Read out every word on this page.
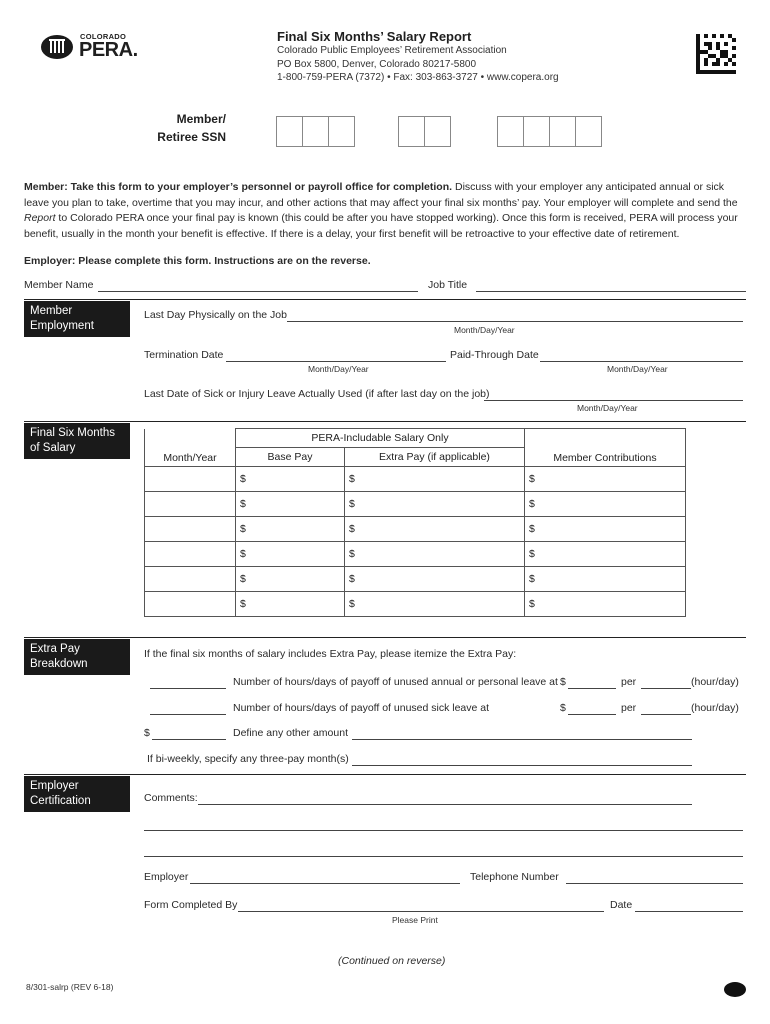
COLORADO
PERA.
Final Six Months’ Salary Report
Colorado Public Employees’ Retirement Association
PO Box 5800, Denver, Colorado 80217-5800
1-800-759-PERA (7372) • Fax: 303-863-3727 • www.copera.org
Member/
Retiree SSN
Member: Take this form to your employer’s personnel or payroll office for completion. Discuss with your employer any anticipated annual or sick leave you plan to take, overtime that you may incur, and other actions that may affect your final six months’ pay. Your employer will complete and send the Report to Colorado PERA once your final pay is known (this could be after you have stopped working). Once this form is received, PERA will process your benefit, usually in the month your benefit is effective. If there is a delay, your first benefit will be retroactive to your effective date of retirement.
Employer: Please complete this form. Instructions are on the reverse.
Member Name	Job Title
Member
Employment
Last Day Physically on the Job
Month/Day/Year
Termination Date
Month/Day/Year
Paid-Through Date
Month/Day/Year
Last Date of Sick or Injury Leave Actually Used (if after last day on the job)
Month/Day/Year
Final Six Months
of Salary
Month/Year	PERA-Includable Salary Only		Member Contributions
	Base Pay	Extra Pay (if applicable)	
	$	$	$
	$	$	$
	$	$	$
	$	$	$
	$	$	$
	$	$	$
Extra Pay
Breakdown
If the final six months of salary includes Extra Pay, please itemize the Extra Pay:
Number of hours/days of payoff of unused annual or personal leave at $	per	(hour/day)
Number of hours/days of payoff of unused sick leave at	$	per	(hour/day)
$	Define any other amount
If bi-weekly, specify any three-pay month(s)
Employer
Certification	Comments:
Employer	Telephone Number
Form Completed By	Date
Please Print
(Continued on reverse)
8/301-salrp (REV 6-18)
